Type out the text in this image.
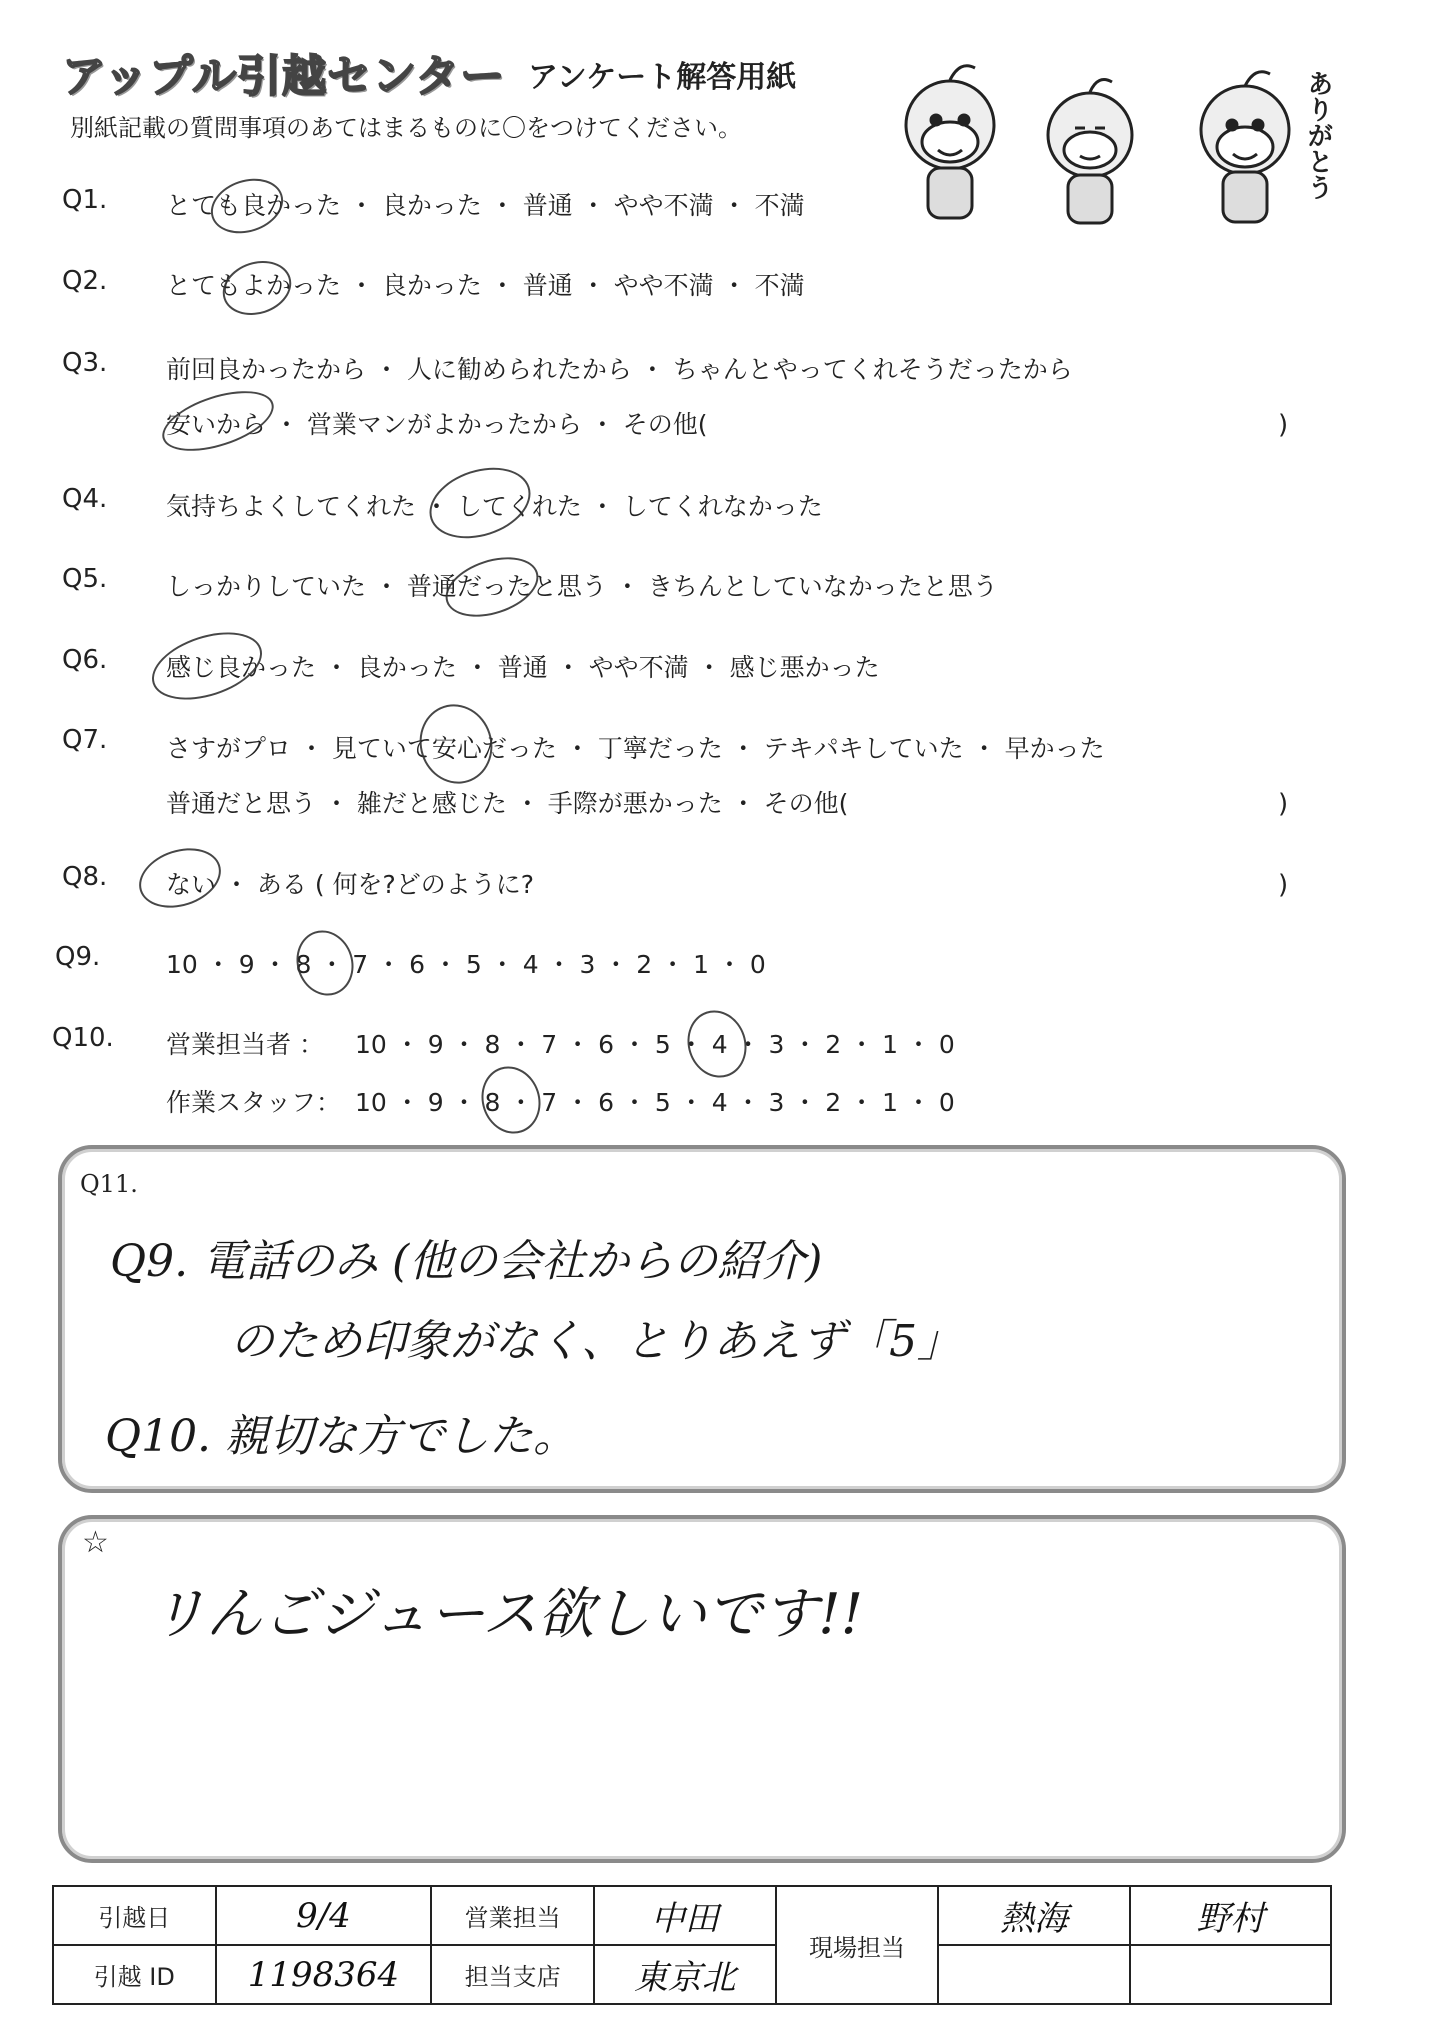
アップル引越センター アンケート解答用紙
別紙記載の質問事項のあてはまるものに〇をつけてください。	ありがとう
Q1. とても良かった ・ 良かった ・ 普通 ・ やや不満 ・ 不満
Q2. とてもよかった ・ 良かった ・ 普通 ・ やや不満 ・ 不満
Q3. 前回良かったから ・ 人に勧められたから ・ ちゃんとやってくれそうだったから
安いから ・ 営業マンがよかったから ・ その他(	)
Q4. 気持ちよくしてくれた ・ してくれた ・ してくれなかった
Q5. しっかりしていた ・ 普通だったと思う ・ きちんとしていなかったと思う
Q6. 感じ良かった ・ 良かった ・ 普通 ・ やや不満 ・ 感じ悪かった
Q7. さすがプロ ・ 見ていて安心だった ・ 丁寧だった ・ テキパキしていた ・ 早かった
普通だと思う ・ 雑だと感じた ・ 手際が悪かった ・ その他(	)
Q8. ない ・ ある ( 何を?どのように?	)
Q9.	10 ・ 9 ・ 8 ・ 7 ・ 6 ・ 5 ・ 4 ・ 3 ・ 2 ・ 1 ・ 0
Q10. 営業担当者 ： 10 ・ 9 ・ 8 ・ 7 ・ 6 ・ 5 ・ 4 ・ 3 ・ 2 ・ 1 ・ 0
作業スタッフ： 10 ・ 9 ・ 8 ・ 7 ・ 6 ・ 5 ・ 4 ・ 3 ・ 2 ・ 1 ・ 0
Q11.
Q9. 電話のみ (他の会社からの紹介)
のため印象がなく、とりあえず「5」
Q10. 親切な方でした。
☆
リんごジュース欲しいです!!
引越日	9/4	営業担当	中田	現場担当	熱海	野村
引越 ID	1198364	担当支店	東京北			
